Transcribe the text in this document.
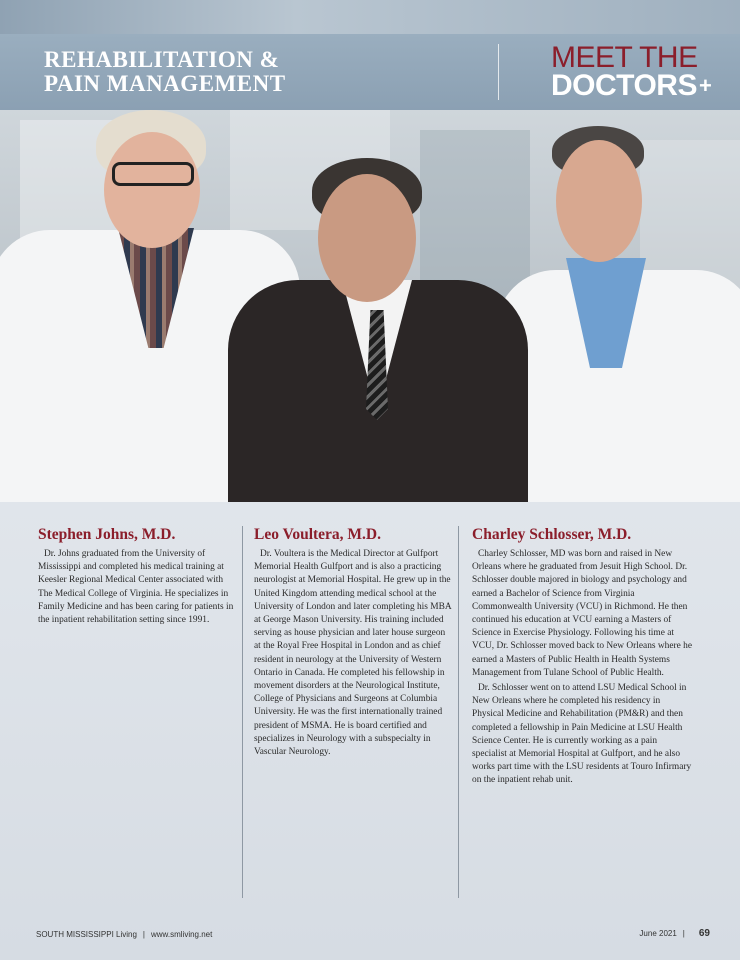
REHABILITATION &
PAIN MANAGEMENT
MEET THE
DOCTORS+
Stephen Johns, M.D.

Dr. Johns graduated from the University of Mississippi and completed his medical training at Keesler Regional Medical Center associated with The Medical College of Virginia. He specializes in Family Medicine and has been caring for patients in the inpatient rehabilitation setting since 1991.

Leo Voultera, M.D.

Dr. Voultera is the Medical Director at Gulfport Memorial Health Gulfport and is also a practicing neurologist at Memorial Hospital. He grew up in the United Kingdom attending medical school at the University of London and later completing his MBA at George Mason University. His training included serving as house physician and later house surgeon at the Royal Free Hospital in London and as chief resident in neurology at the University of Western Ontario in Canada. He completed his fellowship in movement disorders at the Neurological Institute, College of Physicians and Surgeons at Columbia University. He was the first internationally trained president of MSMA. He is board certified and specializes in Neurology with a subspecialty in Vascular Neurology.

Charley Schlosser, M.D.

Charley Schlosser, MD was born and raised in New Orleans where he graduated from Jesuit High School. Dr. Schlosser double majored in biology and psychology and earned a Bachelor of Science from Virginia Commonwealth University (VCU) in Richmond. He then continued his education at VCU earning a Masters of Science in Exercise Physiology. Following his time at VCU, Dr. Schlosser moved back to New Orleans where he earned a Masters of Public Health in Health Systems Management from Tulane School of Public Health.

Dr. Schlosser went on to attend LSU Medical School in New Orleans where he completed his residency in Physical Medicine and Rehabilitation (PM&R) and then completed a fellowship in Pain Medicine at LSU Health Science Center. He is currently working as a pain specialist at Memorial Hospital at Gulfport, and he also works part time with the LSU residents at Touro Infirmary on the inpatient rehab unit.

SOUTH MISSISSIPPI Living | www.smliving.net	June 2021 | 69
